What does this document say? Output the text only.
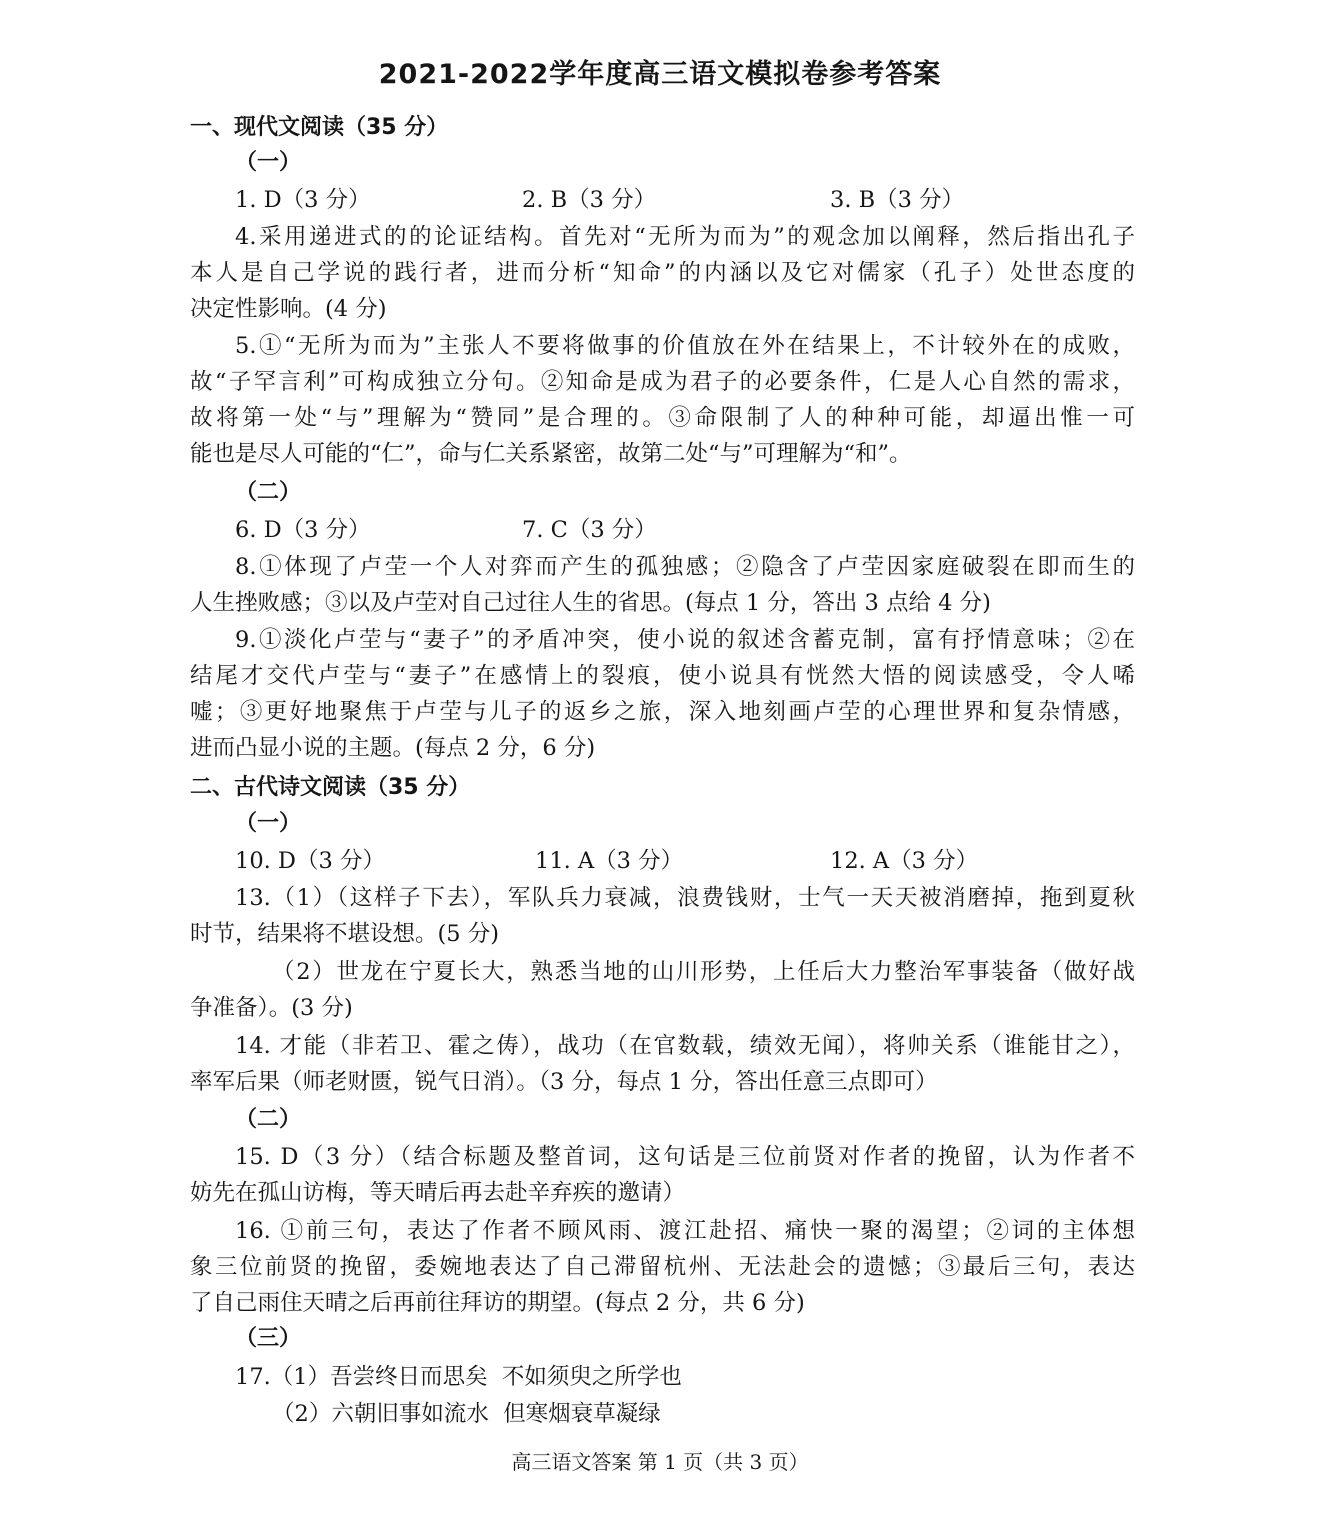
2021-2022学年度高三语文模拟卷参考答案
一、现代文阅读（35 分）
（一）
1. D（3 分）	2. B（3 分）	3. B（3 分）
4.采用递进式的的论证结构。首先对“无所为而为”的观念加以阐释，然后指出孔子
本人是自己学说的践行者，进而分析“知命”的内涵以及它对儒家（孔子）处世态度的
决定性影响。(4 分)
5.①“无所为而为”主张人不要将做事的价值放在外在结果上，不计较外在的成败，
故“子罕言利”可构成独立分句。②知命是成为君子的必要条件，仁是人心自然的需求，
故将第一处“与”理解为“赞同”是合理的。③命限制了人的种种可能，却逼出惟一可
能也是尽人可能的“仁”，命与仁关系紧密，故第二处“与”可理解为“和”。
（二）
6. D（3 分）	7. C（3 分）
8.①体现了卢茔一个人对弈而产生的孤独感；②隐含了卢茔因家庭破裂在即而生的
人生挫败感；③以及卢茔对自己过往人生的省思。(每点 1 分，答出 3 点给 4 分)
9.①淡化卢茔与“妻子”的矛盾冲突，使小说的叙述含蓄克制，富有抒情意味；②在
结尾才交代卢茔与“妻子”在感情上的裂痕，使小说具有恍然大悟的阅读感受，令人唏
嘘；③更好地聚焦于卢茔与儿子的返乡之旅，深入地刻画卢茔的心理世界和复杂情感，
进而凸显小说的主题。(每点 2 分，6 分)
二、古代诗文阅读（35 分）
（一）
10. D（3 分）	11. A（3 分）	12. A（3 分）
13.（1）（这样子下去），军队兵力衰减，浪费钱财，士气一天天被消磨掉，拖到夏秋
时节，结果将不堪设想。(5 分)
（2）世龙在宁夏长大，熟悉当地的山川形势，上任后大力整治军事装备（做好战
争准备）。(3 分)
14. 才能（非若卫、霍之俦），战功（在官数载，绩效无闻），将帅关系（谁能甘之），
率军后果（师老财匮，锐气日消）。（3 分，每点 1 分，答出任意三点即可）
（二）
15. D（3 分）（结合标题及整首词，这句话是三位前贤对作者的挽留，认为作者不
妨先在孤山访梅，等天晴后再去赴辛弃疾的邀请）
16. ①前三句，表达了作者不顾风雨、渡江赴招、痛快一聚的渴望；②词的主体想
象三位前贤的挽留，委婉地表达了自己滞留杭州、无法赴会的遗憾；③最后三句，表达
了自己雨住天晴之后再前往拜访的期望。(每点 2 分，共 6 分)
（三）
17.（1）吾尝终日而思矣  不如须臾之所学也
（2）六朝旧事如流水  但寒烟衰草凝绿
高三语文答案 第 1 页（共 3 页）
